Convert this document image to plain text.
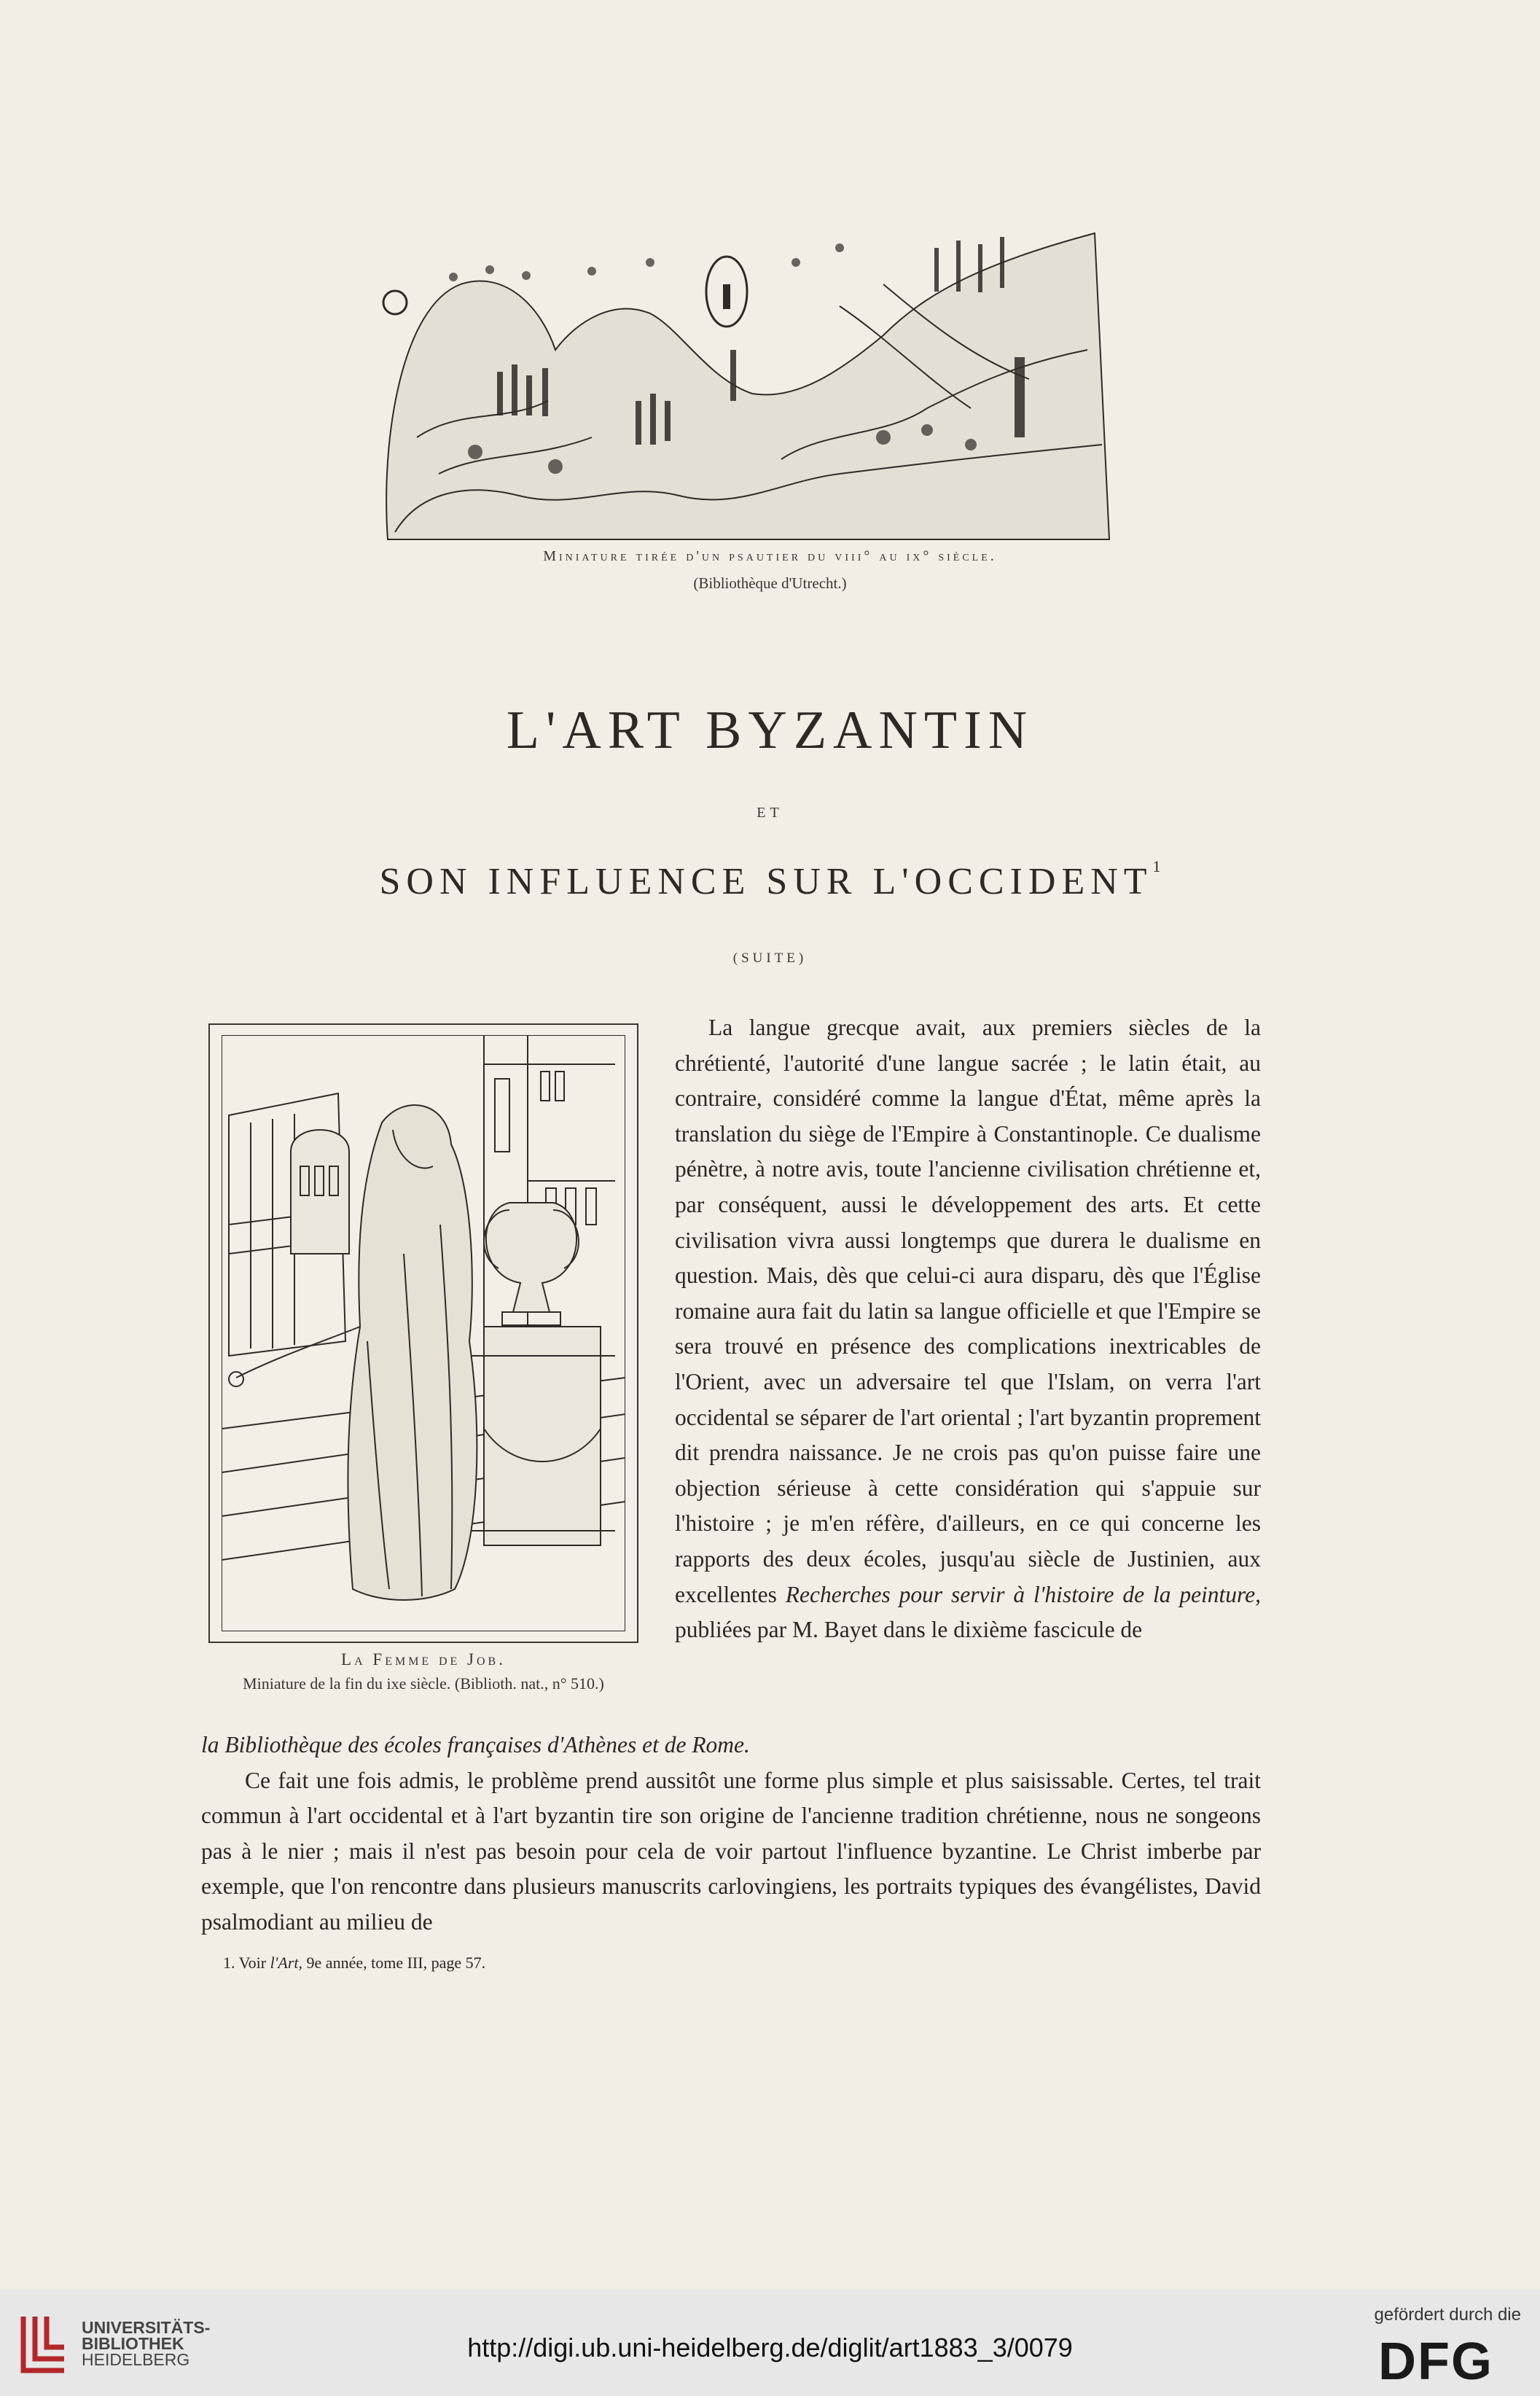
Miniature tirée d'un psautier du viii° au ix° siècle.
(Bibliothèque d'Utrecht.)
L'ART BYZANTIN
ET
SON INFLUENCE SUR L'OCCIDENT$^1$
(SUITE)
La Femme de Job.
Miniature de la fin du ixe siècle. (Biblioth. nat., n° 510.)

La langue grecque avait, aux premiers siècles de la chrétienté, l'autorité d'une langue sacrée ; le latin était, au contraire, considéré comme la langue d'État, même après la translation du siège de l'Empire à Constantinople. Ce dualisme pénètre, à notre avis, toute l'ancienne civilisation chrétienne et, par conséquent, aussi le développement des arts. Et cette civilisation vivra aussi longtemps que durera le dualisme en question. Mais, dès que celui-ci aura disparu, dès que l'Église romaine aura fait du latin sa langue officielle et que l'Empire se sera trouvé en présence des complications inextricables de l'Orient, avec un adversaire tel que l'Islam, on verra l'art occidental se séparer de l'art oriental ; l'art byzantin proprement dit prendra naissance. Je ne crois pas qu'on puisse faire une objection sérieuse à cette considération qui s'appuie sur l'histoire ; je m'en réfère, d'ailleurs, en ce qui concerne les rapports des deux écoles, jusqu'au siècle de Justinien, aux excellentes Recherches pour servir à l'histoire de la peinture, publiées par M. Bayet dans le dixième fascicule de

la Bibliothèque des écoles françaises d'Athènes et de Rome.

Ce fait une fois admis, le problème prend aussitôt une forme plus simple et plus saisissable. Certes, tel trait commun à l'art occidental et à l'art byzantin tire son origine de l'ancienne tradition chrétienne, nous ne songeons pas à le nier ; mais il n'est pas besoin pour cela de voir partout l'influence byzantine. Le Christ imberbe par exemple, que l'on rencontre dans plusieurs manuscrits carlovingiens, les portraits typiques des évangélistes, David psalmodiant au milieu de

1. Voir l'Art, 9e année, tome III, page 57.
UNIVERSITÄTS-
BIBLIOTHEK
HEIDELBERG	http://digi.ub.uni-heidelberg.de/diglit/art1883_3/0079
gefördert durch die
DFG
